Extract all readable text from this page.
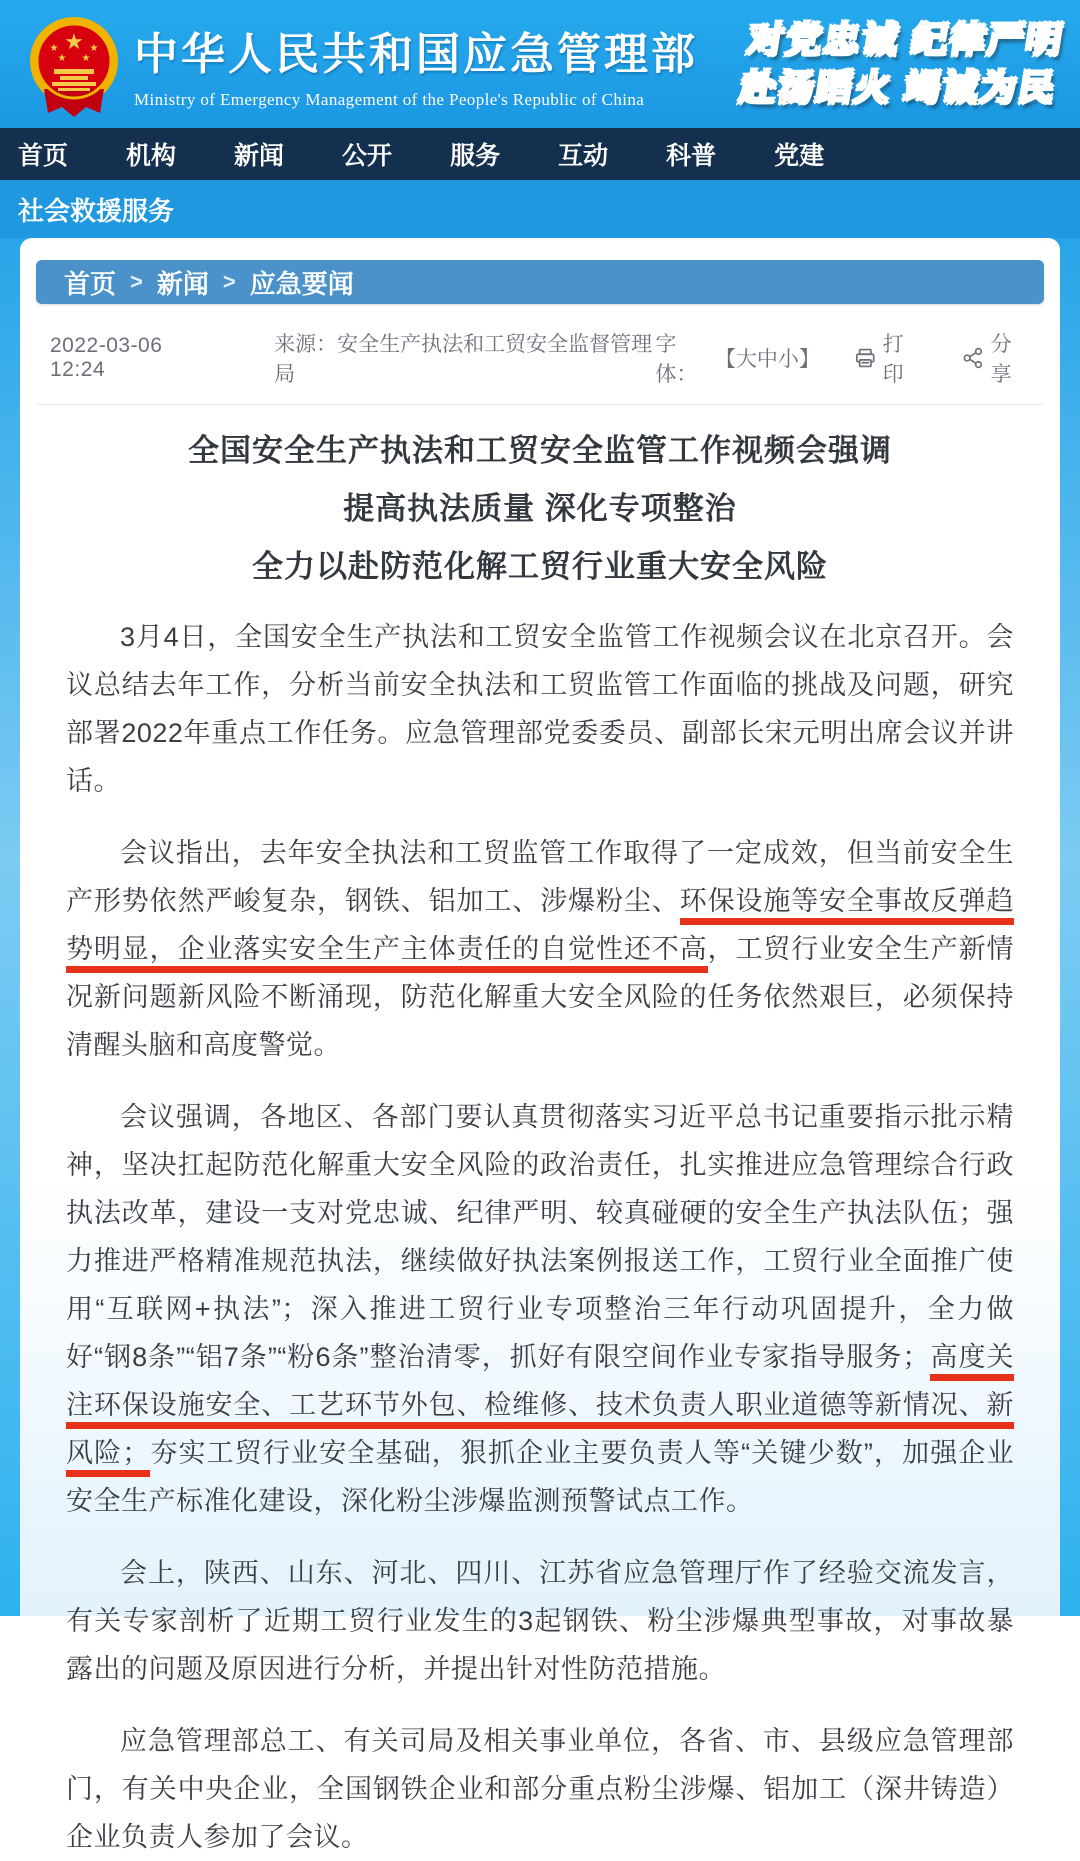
★
★	★
★ ★ 中华人民共和国应急管理部
Ministry of Emergency Management of the People's Republic of China
对党忠诚 纪律严明
赴汤蹈火 竭诚为民
首页 机构 新闻 公开 服务 互动 科普 党建
社会救援服务
首页 > 新闻 > 应急要闻
2022-03-06 12:24
来源：安全生产执法和工贸安全监督管理局
字体：
【大中小】
打印
分享
全国安全生产执法和工贸安全监管工作视频会强调
提高执法质量 深化专项整治
全力以赴防范化解工贸行业重大安全风险

3月4日，全国安全生产执法和工贸安全监管工作视频会议在北京召开。会议总结去年工作，分析当前安全执法和工贸监管工作面临的挑战及问题，研究部署2022年重点工作任务。应急管理部党委委员、副部长宋元明出席会议并讲话。

会议指出，去年安全执法和工贸监管工作取得了一定成效，但当前安全生产形势依然严峻复杂，钢铁、铝加工、涉爆粉尘、环保设施等安全事故反弹趋势明显，企业落实安全生产主体责任的自觉性还不高，工贸行业安全生产新情况新问题新风险不断涌现，防范化解重大安全风险的任务依然艰巨，必须保持清醒头脑和高度警觉。

会议强调，各地区、各部门要认真贯彻落实习近平总书记重要指示批示精神，坚决扛起防范化解重大安全风险的政治责任，扎实推进应急管理综合行政执法改革，建设一支对党忠诚、纪律严明、较真碰硬的安全生产执法队伍；强力推进严格精准规范执法，继续做好执法案例报送工作，工贸行业全面推广使用“互联网+执法”；深入推进工贸行业专项整治三年行动巩固提升，全力做好“钢8条”“铝7条”“粉6条”整治清零，抓好有限空间作业专家指导服务；高度关注环保设施安全、工艺环节外包、检维修、技术负责人职业道德等新情况、新风险；夯实工贸行业安全基础，狠抓企业主要负责人等“关键少数”，加强企业安全生产标准化建设，深化粉尘涉爆监测预警试点工作。

会上，陕西、山东、河北、四川、江苏省应急管理厅作了经验交流发言，有关专家剖析了近期工贸行业发生的3起钢铁、粉尘涉爆典型事故，对事故暴露出的问题及原因进行分析，并提出针对性防范措施。

应急管理部总工、有关司局及相关事业单位，各省、市、县级应急管理部门，有关中央企业，全国钢铁企业和部分重点粉尘涉爆、铝加工（深井铸造）企业负责人参加了会议。
